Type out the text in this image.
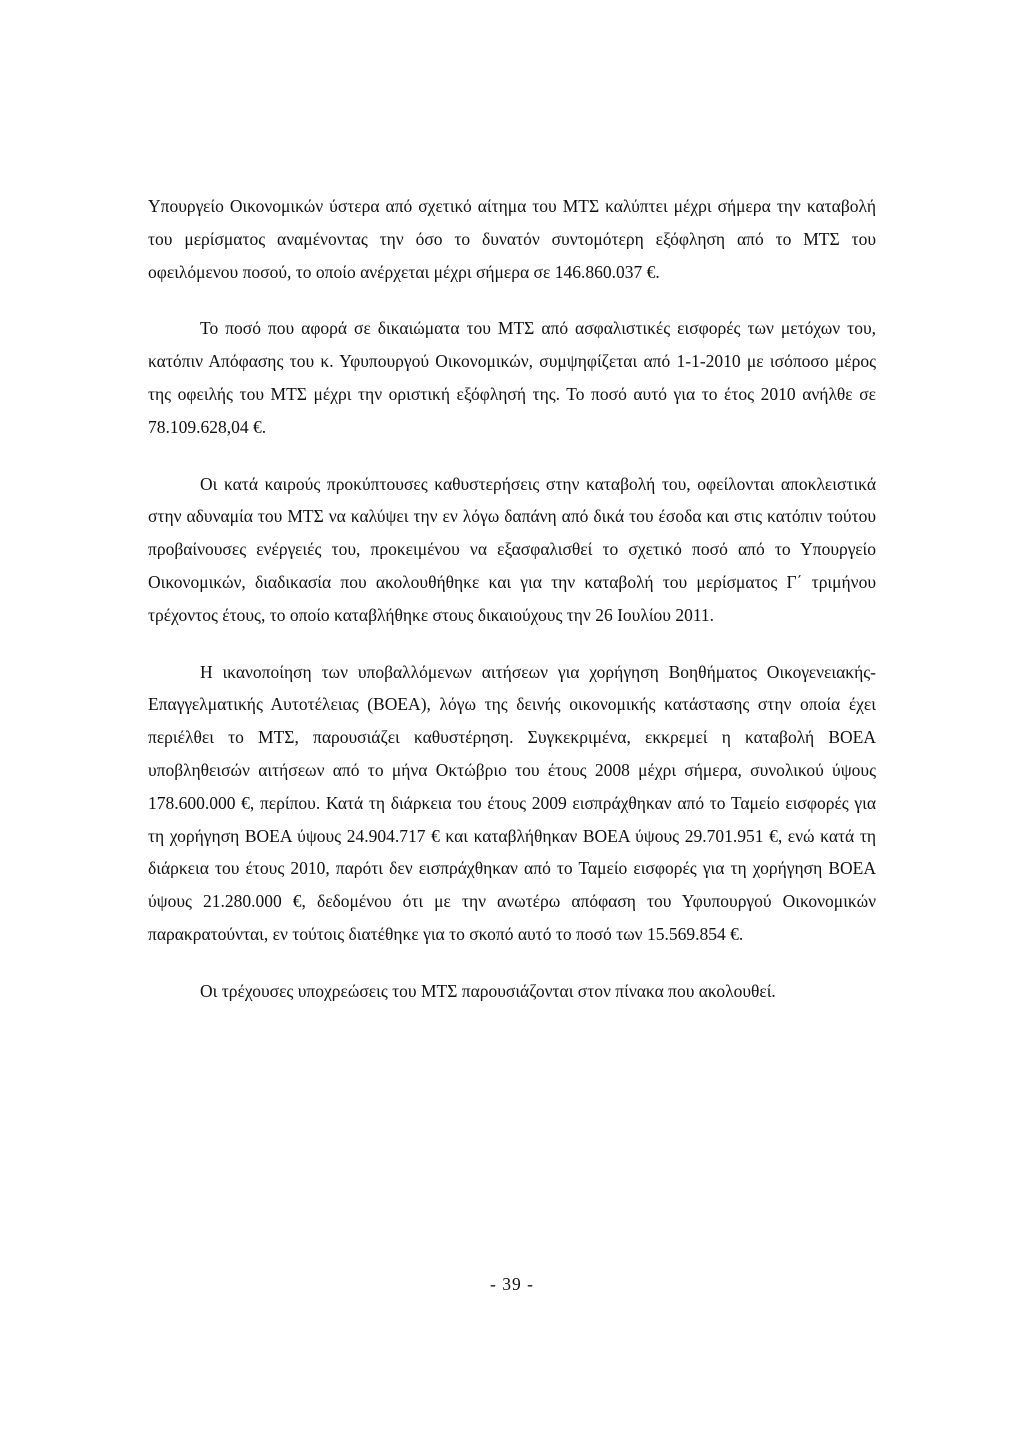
Υπουργείο Οικονομικών ύστερα από σχετικό αίτημα του ΜΤΣ καλύπτει μέχρι σήμερα την καταβολή του μερίσματος αναμένοντας την όσο το δυνατόν συντομότερη εξόφληση από το ΜΤΣ του οφειλόμενου ποσού, το οποίο ανέρχεται μέχρι σήμερα σε 146.860.037 €.

Το ποσό που αφορά σε δικαιώματα του ΜΤΣ από ασφαλιστικές εισφορές των μετόχων του, κατόπιν Απόφασης του κ. Υφυπουργού Οικονομικών, συμψηφίζεται από 1-1-2010 με ισόποσο μέρος της οφειλής του ΜΤΣ μέχρι την οριστική εξόφλησή της. Το ποσό αυτό για το έτος 2010 ανήλθε σε 78.109.628,04 €.

Οι κατά καιρούς προκύπτουσες καθυστερήσεις στην καταβολή του, οφείλονται αποκλειστικά στην αδυναμία του ΜΤΣ να καλύψει την εν λόγω δαπάνη από δικά του έσοδα και στις κατόπιν τούτου προβαίνουσες ενέργειές του, προκειμένου να εξασφαλισθεί το σχετικό ποσό από το Υπουργείο Οικονομικών, διαδικασία που ακολουθήθηκε και για την καταβολή του μερίσματος Γ΄ τριμήνου τρέχοντος έτους, το οποίο καταβλήθηκε στους δικαιούχους την 26 Ιουλίου 2011.

Η ικανοποίηση των υποβαλλόμενων αιτήσεων για χορήγηση Βοηθήματος Οικογενειακής-Επαγγελματικής Αυτοτέλειας (ΒΟΕΑ), λόγω της δεινής οικονομικής κατάστασης στην οποία έχει περιέλθει το ΜΤΣ, παρουσιάζει καθυστέρηση. Συγκεκριμένα, εκκρεμεί η καταβολή ΒΟΕΑ υποβληθεισών αιτήσεων από το μήνα Οκτώβριο του έτους 2008 μέχρι σήμερα, συνολικού ύψους 178.600.000 €, περίπου. Κατά τη διάρκεια του έτους 2009 εισπράχθηκαν από το Ταμείο εισφορές για τη χορήγηση ΒΟΕΑ ύψους 24.904.717 € και καταβλήθηκαν ΒΟΕΑ ύψους 29.701.951 €, ενώ κατά τη διάρκεια του έτους 2010, παρότι δεν εισπράχθηκαν από το Ταμείο εισφορές για τη χορήγηση ΒΟΕΑ ύψους 21.280.000 €, δεδομένου ότι με την ανωτέρω απόφαση του Υφυπουργού Οικονομικών παρακρατούνται, εν τούτοις διατέθηκε για το σκοπό αυτό το ποσό των 15.569.854 €.

Οι τρέχουσες υποχρεώσεις του ΜΤΣ παρουσιάζονται στον πίνακα που ακολουθεί.

- 39 -
